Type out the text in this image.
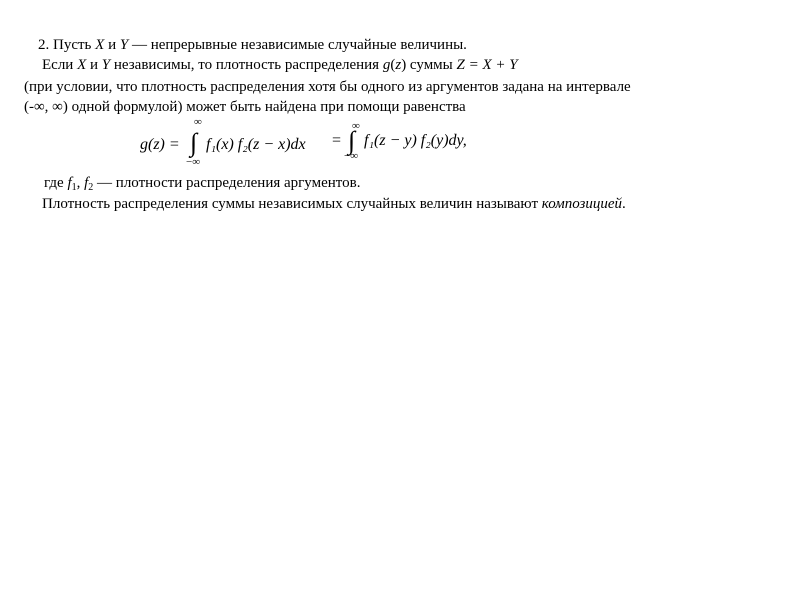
2. Пусть X и Y — непрерывные независимые случайные величины.
Если X и Y независимы, то плотность распределения g(z) суммы Z = X + Y
(при условии, что плотность распределения хотя бы одного из аргументов задана на интервале
(-∞, ∞) одной формулой) может быть найдена при помощи равенства
g(z) =
∞
∫
−∞
f₁(x) f₂(z − x)dx =
∞
∫
−∞
f₁(z − y) f₂(y)dy,
где $f_1$, $f_2$ — плотности распределения аргументов.
Плотность распределения суммы независимых случайных величин называют композицией.
